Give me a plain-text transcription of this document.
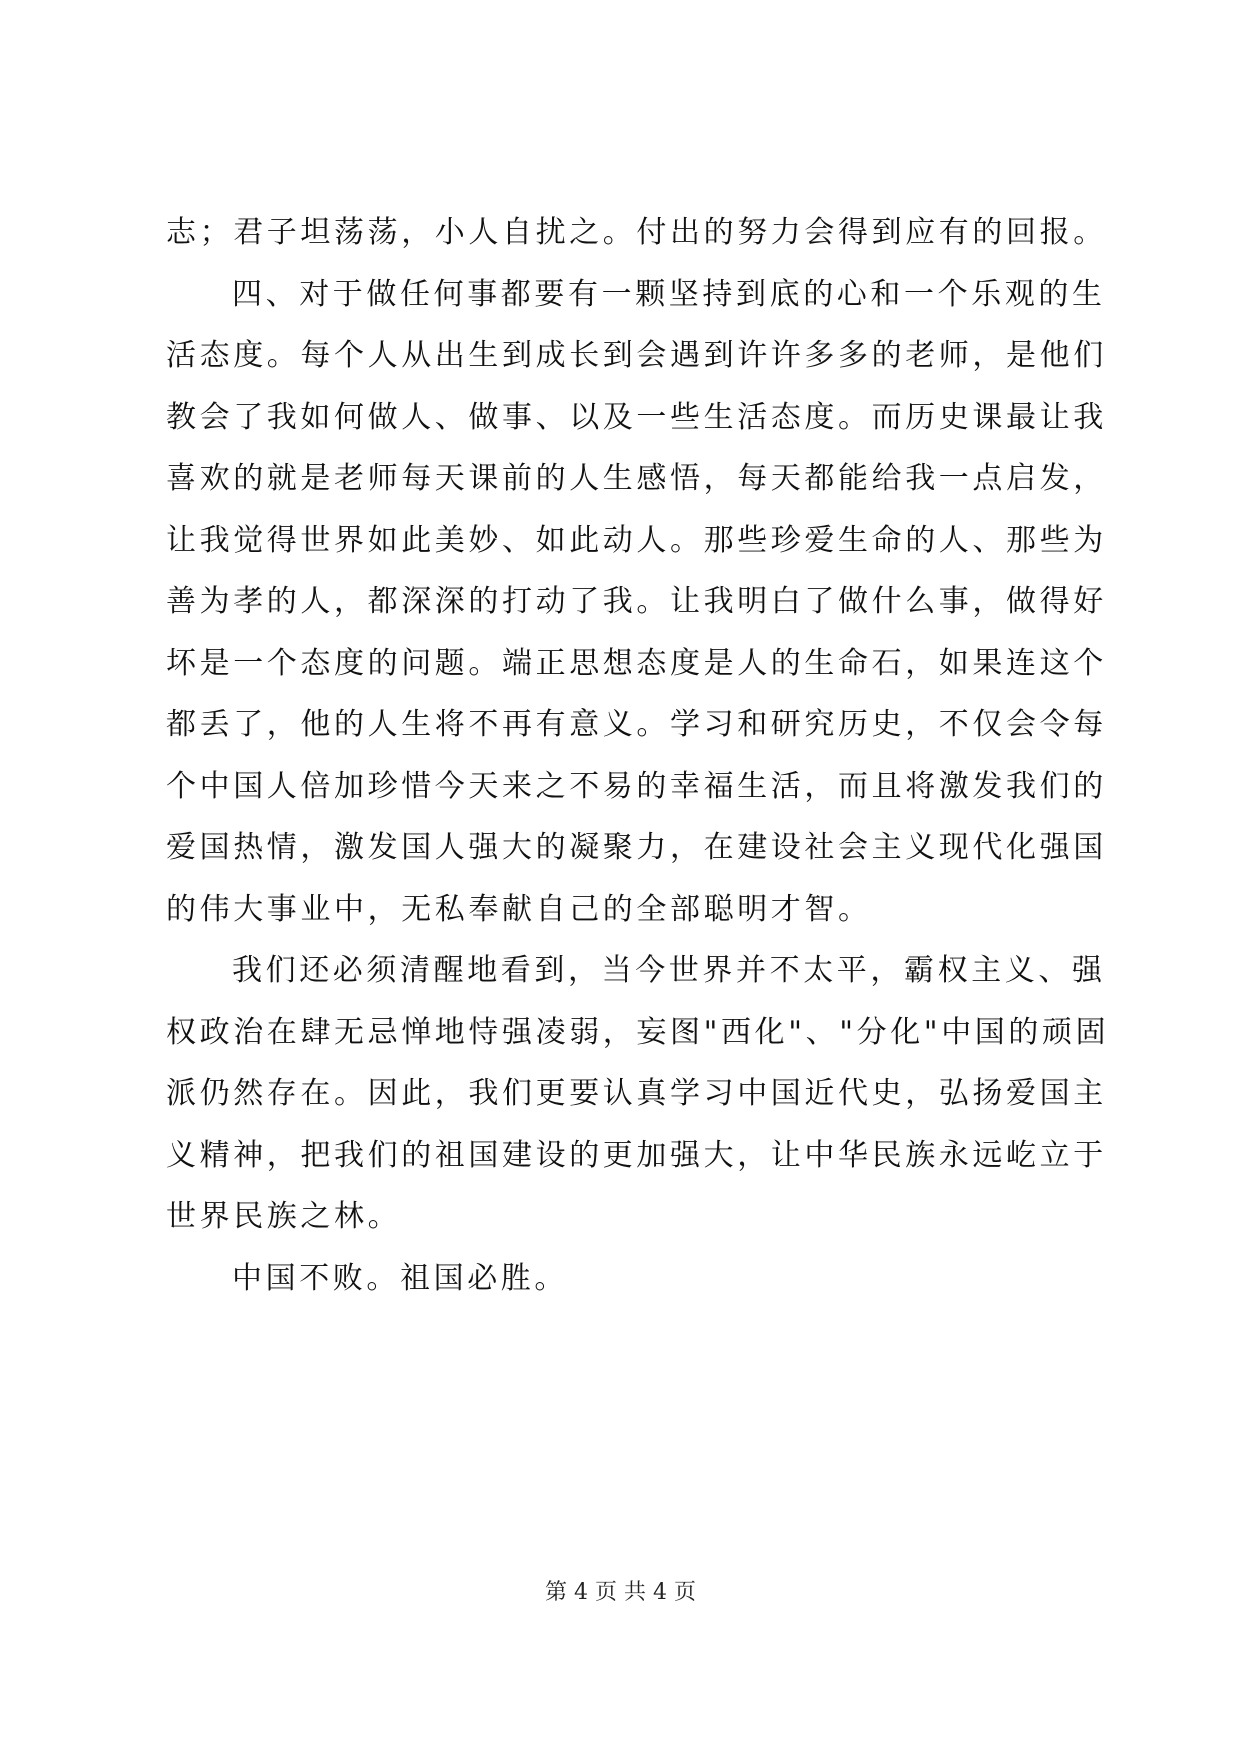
志；君子坦荡荡，小人自扰之。付出的努力会得到应有的回报。
四、对于做任何事都要有一颗坚持到底的心和一个乐观的生
活态度。每个人从出生到成长到会遇到许许多多的老师，是他们
教会了我如何做人、做事、以及一些生活态度。而历史课最让我
喜欢的就是老师每天课前的人生感悟，每天都能给我一点启发，
让我觉得世界如此美妙、如此动人。那些珍爱生命的人、那些为
善为孝的人，都深深的打动了我。让我明白了做什么事，做得好
坏是一个态度的问题。端正思想态度是人的生命石，如果连这个
都丢了，他的人生将不再有意义。学习和研究历史，不仅会令每
个中国人倍加珍惜今天来之不易的幸福生活，而且将激发我们的
爱国热情，激发国人强大的凝聚力，在建设社会主义现代化强国
的伟大事业中，无私奉献自己的全部聪明才智。
我们还必须清醒地看到，当今世界并不太平，霸权主义、强
权政治在肆无忌惮地恃强凌弱，妄图"西化"、"分化"中国的顽固
派仍然存在。因此，我们更要认真学习中国近代史，弘扬爱国主
义精神，把我们的祖国建设的更加强大，让中华民族永远屹立于
世界民族之林。
中国不败。祖国必胜。
第 4 页 共 4 页
